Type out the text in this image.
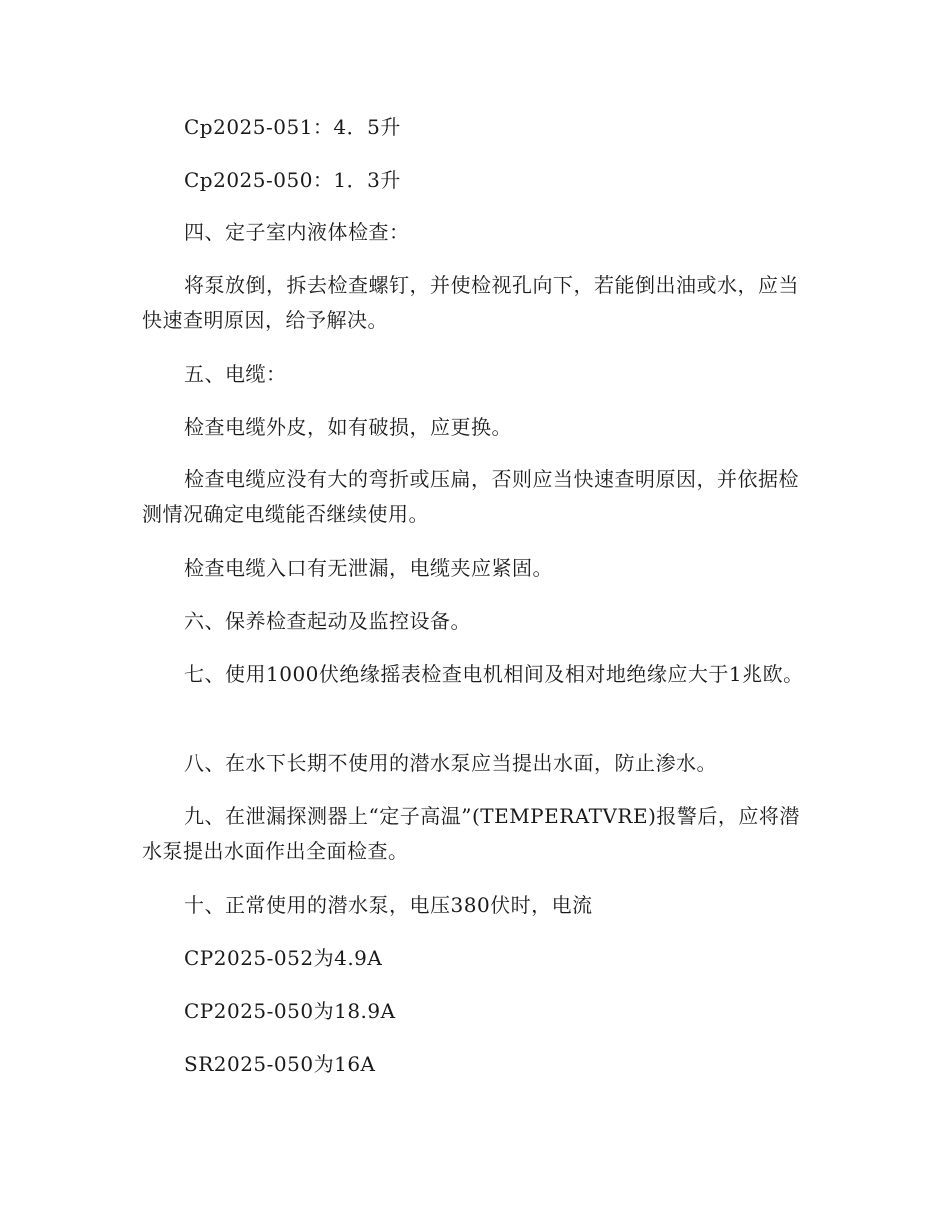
Cp2025-051：4．5升

Cp2025-050：1．3升

四、定子室内液体检查：

将泵放倒，拆去检查螺钉，并使检视孔向下，若能倒出油或水，应当快速查明原因，给予解决。

五、电缆：

检查电缆外皮，如有破损，应更换。

检查电缆应没有大的弯折或压扁，否则应当快速查明原因，并依据检测情况确定电缆能否继续使用。

检查电缆入口有无泄漏，电缆夹应紧固。

六、保养检查起动及监控设备。

七、使用1000伏绝缘摇表检查电机相间及相对地绝缘应大于1兆欧。

八、在水下长期不使用的潜水泵应当提出水面，防止渗水。

九、在泄漏探测器上“定子高温”(TEMPERATVRE)报警后，应将潜水泵提出水面作出全面检查。

十、正常使用的潜水泵，电压380伏时，电流

CP2025-052为4.9A

CP2025-050为18.9A

SR2025-050为16A
